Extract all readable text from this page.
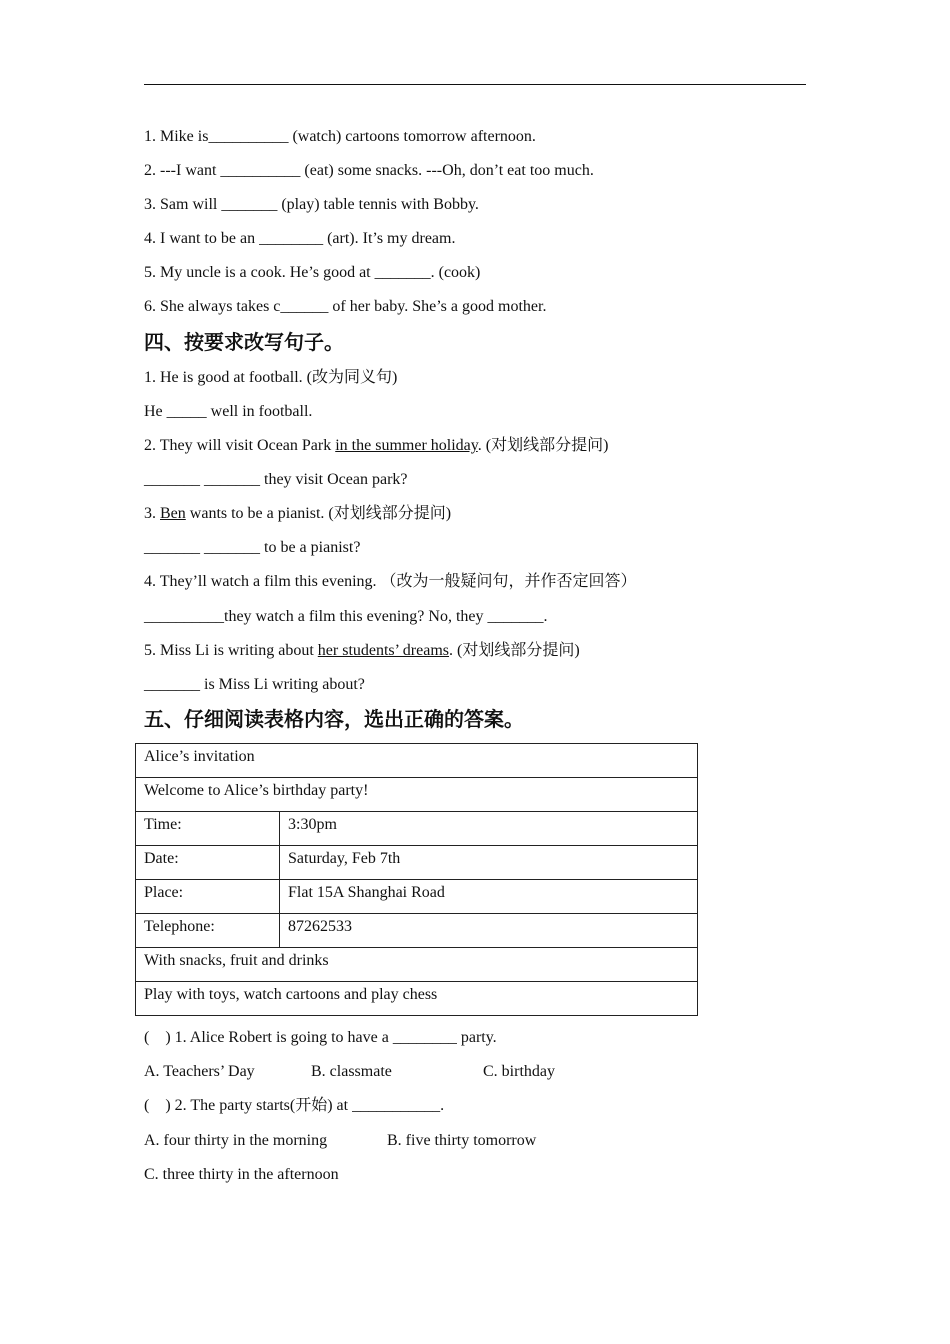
1. Mike is__________ (watch) cartoons tomorrow afternoon.
2. ---I want __________ (eat) some snacks. ---Oh, don’t eat too much.
3. Sam will _______ (play) table tennis with Bobby.
4. I want to be an ________ (art). It’s my dream.
5. My uncle is a cook. He’s good at _______. (cook)
6. She always takes c______ of her baby. She’s a good mother.
四、按要求改写句子。
1. He is good at football. (改为同义句)
He _____ well in football.
2. They will visit Ocean Park in the summer holiday. (对划线部分提问)
_______ _______ they visit Ocean park?
3. Ben wants to be a pianist. (对划线部分提问)
_______ _______ to be a pianist?
4. They’ll watch a film this evening. （改为一般疑问句，并作否定回答）
__________they watch a film this evening? No, they _______.
5. Miss Li is writing about her students’ dreams. (对划线部分提问)
_______ is Miss Li writing about?
五、仔细阅读表格内容，选出正确的答案。
Alice’s invitation	
Welcome to Alice’s birthday party!	
Time:	3:30pm
Date:	Saturday, Feb 7th
Place:	Flat 15A Shanghai Road
Telephone:	87262533
With snacks, fruit and drinks	
Play with toys, watch cartoons and play chess	
(    ) 1. Alice Robert is going to have a ________ party.
A. Teachers’ Day	B. classmate	C. birthday
(    ) 2. The party starts(开始) at ___________.
A. four thirty in the morning	B. five thirty tomorrow
C. three thirty in the afternoon
